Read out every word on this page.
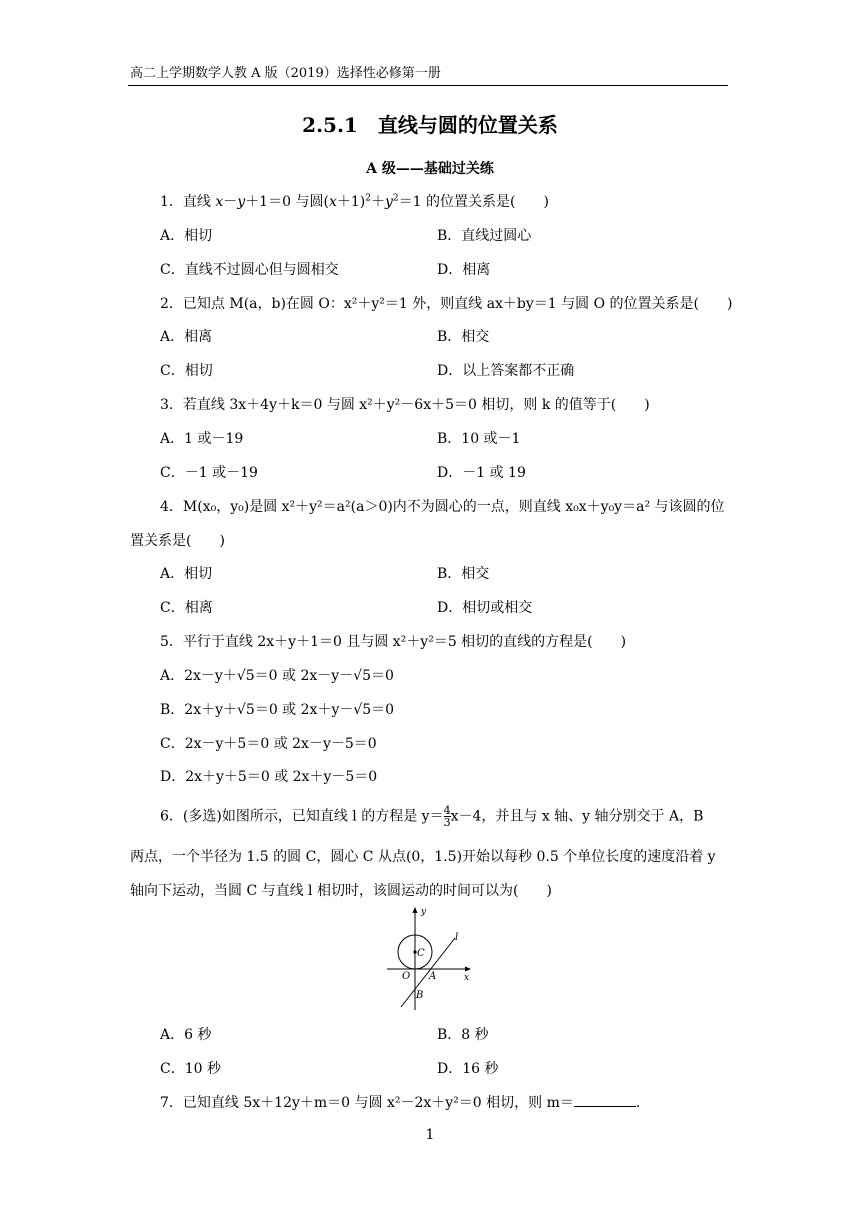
高二上学期数学人教 A 版（2019）选择性必修第一册
2.5.1　直线与圆的位置关系
A 级——基础过关练
1．直线 x－y＋1＝0 与圆$(x+1)^2+y^2=1$ 的位置关系是(　　)
A．相切	B．直线过圆心
C．直线不过圆心但与圆相交	D．相离
2．已知点 M(a，b)在圆 O：x²＋y²＝1 外，则直线 ax＋by＝1 与圆 O 的位置关系是(　　)
A．相离	B．相交
C．相切	D．以上答案都不正确
3．若直线 3x＋4y＋k＝0 与圆 x²＋y²－6x＋5＝0 相切，则 k 的值等于(　　)
A．1 或－19	B．10 或－1
C．－1 或－19	D．－1 或 19
4．M(x₀，y₀)是圆 x²＋y²＝a²(a＞0)内不为圆心的一点，则直线 x₀x＋y₀y＝a² 与该圆的位
置关系是(　　)
A．相切	B．相交
C．相离	D．相切或相交
5．平行于直线 2x＋y＋1＝0 且与圆 x²＋y²＝5 相切的直线的方程是(　　)
A．2x－y＋√5＝0 或 2x－y－√5＝0
B．2x＋y＋√5＝0 或 2x＋y－√5＝0
C．2x－y＋5＝0 或 2x－y－5＝0
D．2x＋y＋5＝0 或 2x＋y－5＝0
6．(多选)如图所示，已知直线 l 的方程是 $y= \frac{4}{3} x-4$，并且与 x 轴、y 轴分别交于 A，B
两点，一个半径为 1.5 的圆 C，圆心 C 从点(0，1.5)开始以每秒 0.5 个单位长度的速度沿着 y
轴向下运动，当圆 C 与直线 l 相切时，该圆运动的时间可以为(　　)
y
x
l
C
O A
B
A．6 秒	B．8 秒
C．10 秒	D．16 秒
7．已知直线 5x＋12y＋m＝0 与圆 x²－2x＋y²＝0 相切，则 m＝	．
1
